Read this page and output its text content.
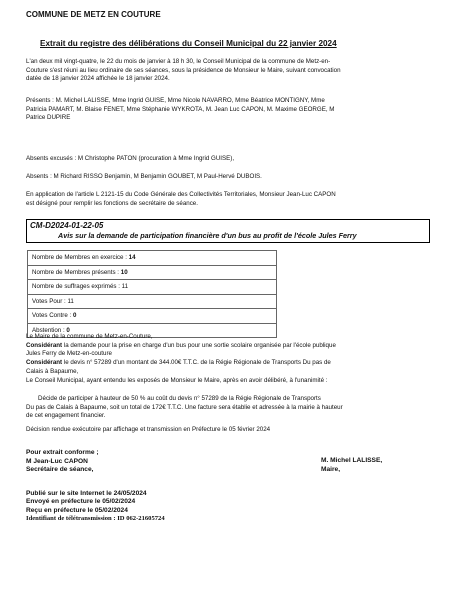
COMMUNE DE METZ EN COUTURE
Extrait du registre des délibérations du Conseil Municipal du 22 janvier 2024

L'an deux mil vingt-quatre, le 22 du mois de janvier à 18 h 30, le Conseil Municipal de la commune de Metz-en-

Couture s'est réuni au lieu ordinaire de ses séances, sous la présidence de Monsieur le Maire, suivant convocation

datée de 18 janvier 2024 affichée le 18 janvier 2024.

Présents : M. Michel LALISSE, Mme Ingrid GUISE, Mme Nicole NAVARRO, Mme Béatrice MONTIGNY, Mme

Patricia PAMART, M. Blaise FENET, Mme Stéphanie WYKROTA, M. Jean Luc CAPON, M. Maxime GEORGE, M

Patrice DUPIRE

Absents excusés : M Christophe PATON (procuration à Mme Ingrid GUISE),

Absents : M Richard RISSO Benjamin, M Benjamin GOUBET, M Paul-Hervé DUBOIS.

En application de l'article L 2121-15 du Code Générale des Collectivités Territoriales, Monsieur Jean-Luc CAPON

est désigné pour remplir les fonctions de secrétaire de séance.

CM-D2024-01-22-05
Avis sur la demande de participation financière d'un bus au profit de l'école Jules Ferry
Nombre de Membres en exercice : 14
Nombre de Membres présents : 10
Nombre de suffrages exprimés : 11
Votes Pour : 11
Votes Contre : 0
Abstention : 0

Le Maire de la commune de Metz-en-Couture,

Considérant la demande pour la prise en charge d'un bus pour une sortie scolaire organisée par l'école publique

Jules Ferry de Metz-en-couture

Considérant le devis n° 57289 d'un montant de 344.00€ T.T.C. de la Régie Régionale de Transports Du pas de

Calais à Bapaume,

Le Conseil Municipal, ayant entendu les exposés de Monsieur le Maire, après en avoir délibéré, à l'unanimité :

Décide de participer à hauteur de 50 % au coût du devis n° 57289 de la Régie Régionale de Transports

Du pas de Calais à Bapaume, soit un total de 172€ T.T.C. Une facture sera établie et adressée à la mairie à hauteur

de cet engagement financier.

Décision rendue exécutoire par affichage et transmission en Préfecture le 05 février 2024

Pour extrait conforme ;
M Jean-Luc CAPON
Secrétaire de séance,
M. Michel LALISSE,
Maire,
Publié sur le site Internet le 24/05/2024
Envoyé en préfecture le 05/02/2024
Reçu en préfecture le 05/02/2024
Identifiant de télétransmission : ID 062-21605724
